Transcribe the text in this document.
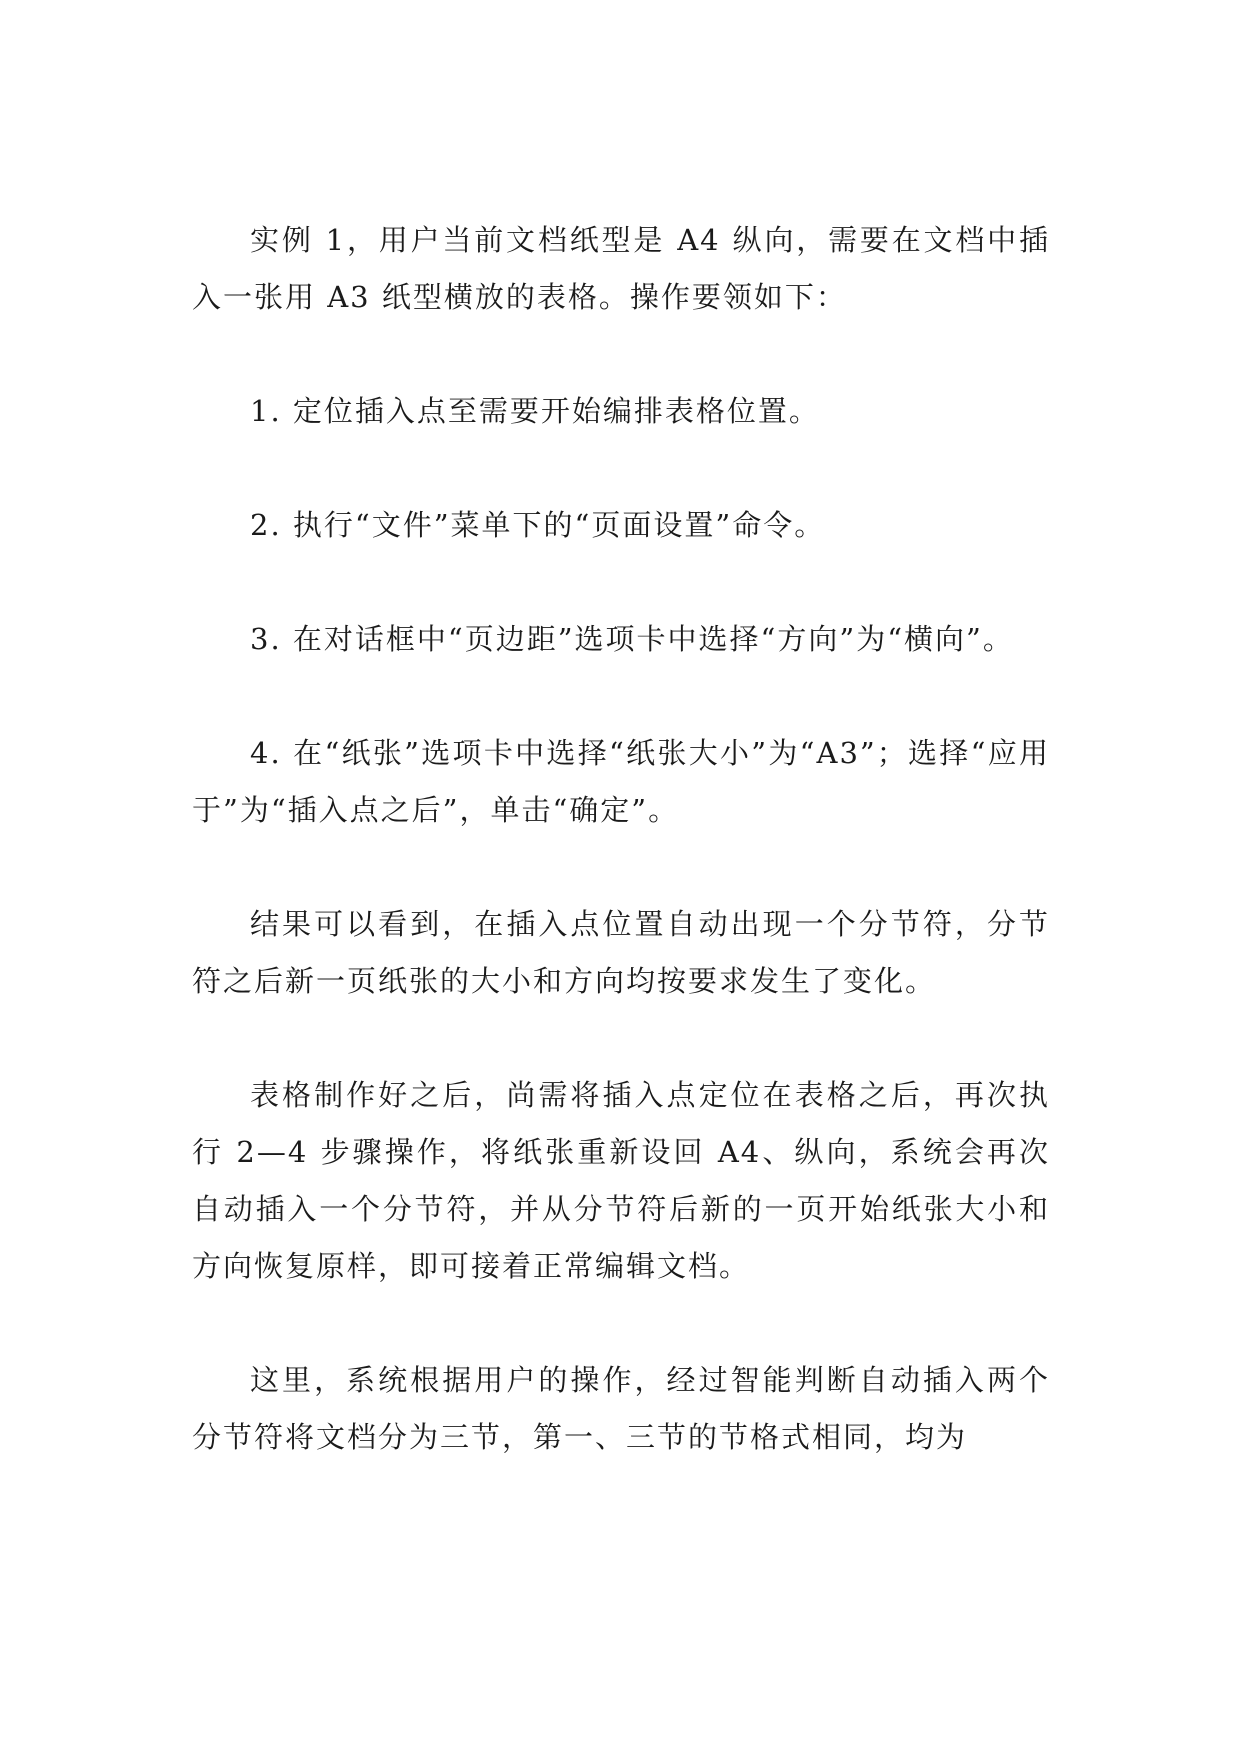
实例 1，用户当前文档纸型是 A4 纵向，需要在文档中插入一张用 A3 纸型横放的表格。操作要领如下：

1. 定位插入点至需要开始编排表格位置。

2. 执行“文件”菜单下的“页面设置”命令。

3. 在对话框中“页边距”选项卡中选择“方向”为“横向”。

4. 在“纸张”选项卡中选择“纸张大小”为“A3”；选择“应用于”为“插入点之后”，单击“确定”。

结果可以看到，在插入点位置自动出现一个分节符，分节符之后新一页纸张的大小和方向均按要求发生了变化。

表格制作好之后，尚需将插入点定位在表格之后，再次执行 2—4 步骤操作，将纸张重新设回 A4、纵向，系统会再次自动插入一个分节符，并从分节符后新的一页开始纸张大小和方向恢复原样，即可接着正常编辑文档。

这里，系统根据用户的操作，经过智能判断自动插入两个分节符将文档分为三节，第一、三节的节格式相同，均为
